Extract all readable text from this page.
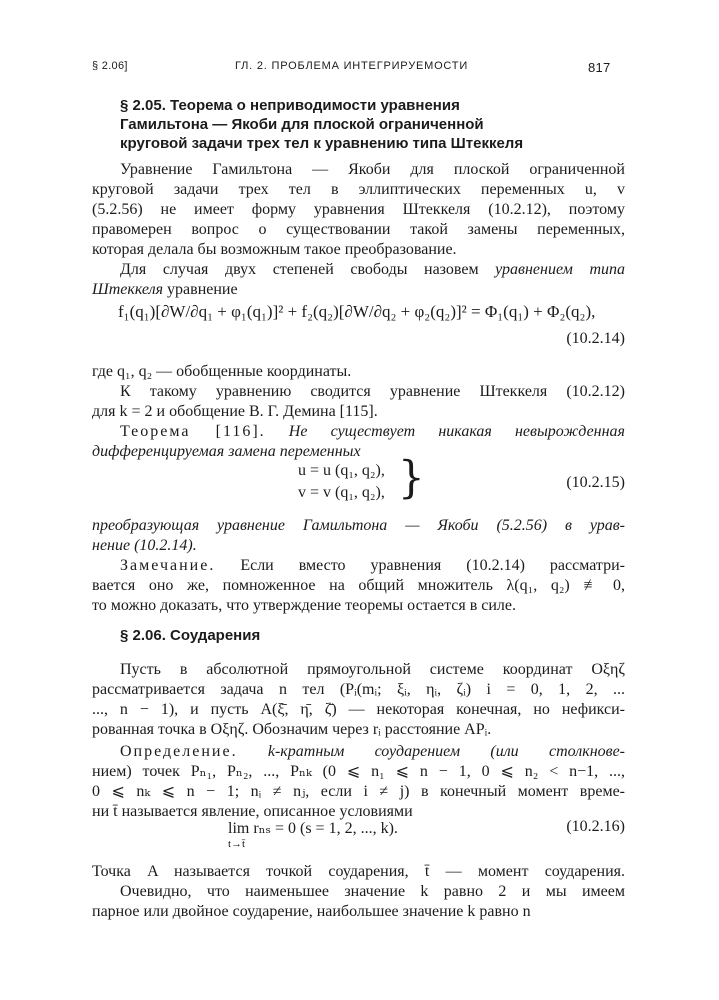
§ 2.06]	ГЛ. 2. ПРОБЛЕМА ИНТЕГРИРУЕМОСТИ	817
§ 2.05. Теорема о неприводимости уравнения
Гамильтона — Якоби для плоской ограниченной
круговой задачи трех тел к уравнению типа Штеккеля
Уравнение Гамильтона — Якоби для плоской ограниченной
круговой задачи трех тел в эллиптических переменных u, v
(5.2.56) не имеет форму уравнения Штеккеля (10.2.12), поэтому
правомерен вопрос о существовании такой замены переменных,
которая делала бы возможным такое преобразование.
Для случая двух степеней свободы назовем уравнением типа
Штеккеля уравнение
f₁(q₁)[∂W/∂q₁ + φ₁(q₁)]² + f₂(q₂)[∂W/∂q₂ + φ₂(q₂)]² = Φ₁(q₁) + Φ₂(q₂),
(10.2.14)
где q₁, q₂ — обобщенные координаты.
К такому уравнению сводится уравнение Штеккеля (10.2.12)
для k = 2 и обобщение В. Г. Демина [115].
Теорема [116]. Не существует никакая невырожденная
дифференцируемая замена переменных
u = u (q₁, q₂),
v = v (q₁, q₂), }	(10.2.15)
преобразующая уравнение Гамильтона — Якоби (5.2.56) в урав-
нение (10.2.14).
Замечание. Если вместо уравнения (10.2.14) рассматри-
вается оно же, помноженное на общий множитель λ(q₁, q₂) ≢ 0,
то можно доказать, что утверждение теоремы остается в силе.
§ 2.06. Соударения
Пусть в абсолютной прямоугольной системе координат Oξηζ
рассматривается задача n тел (Pᵢ(mᵢ; ξᵢ, ηᵢ, ζᵢ) i = 0, 1, 2, ...
..., n − 1), и пусть A(ξ̄, η̄, ζ̄) — некоторая конечная, но нефикси-
рованная точка в Oξηζ. Обозначим через rᵢ расстояние APᵢ.
Определение. k-кратным соударением (или столкнове-
нием) точек Pₙ₁, Pₙ₂, ..., Pₙₖ (0 ⩽ n₁ ⩽ n − 1, 0 ⩽ n₂ < n−1, ...,
0 ⩽ nₖ ⩽ n − 1; nᵢ ≠ nⱼ, если i ≠ j) в конечный момент време-
ни t̄ называется явление, описанное условиями
lim rₙₛ = 0 (s = 1, 2, ..., k).
t→t̄
(10.2.16)
Точка A называется точкой соударения, t̄ — момент соударения.
Очевидно, что наименьшее значение k равно 2 и мы имеем
парное или двойное соударение, наибольшее значение k равно n
